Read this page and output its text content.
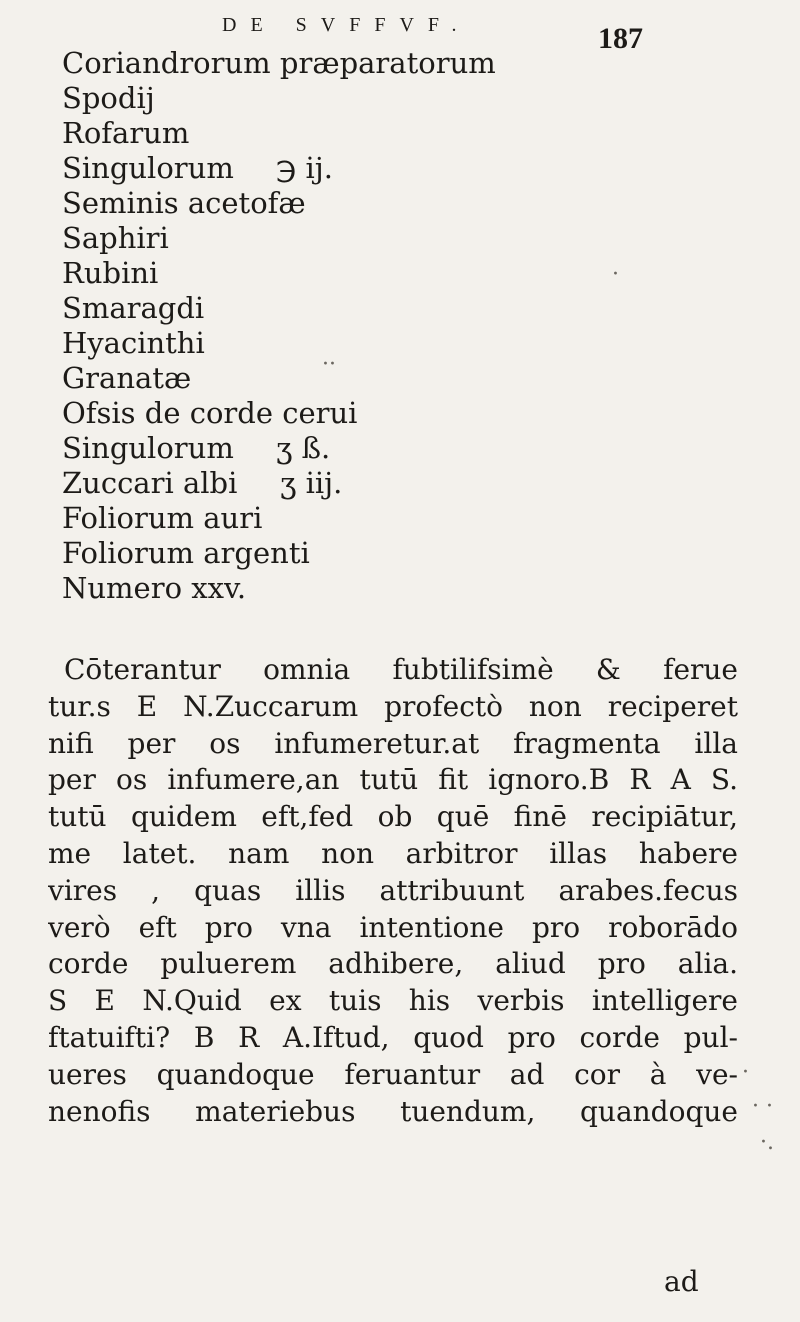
DE SVFFVF.	187
Coriandrorum præparatorum
Spodij
Rofarum
Singulorum ℈ ij.
Seminis acetofæ
Saphiri
Rubini
Smaragdi
Hyacinthi
Granatæ
Ofsis de corde cerui
Singulorum ʒ ß.
Zuccari albi ʒ iij.
Foliorum auri
Foliorum argenti
Numero xxv.
Cōterantur omnia fubtilifsimè & ferue
tur.s E N.Zuccarum profectò non reciperet
nifi per os infumeretur.at fragmenta illa
per os infumere,an tutū fit ignoro.B R A S.
tutū quidem eft,fed ob quē finē recipiātur,
me latet. nam non arbitror illas habere
vires , quas illis attribuunt arabes.fecus
verò eft pro vna intentione pro roborādo
corde puluerem adhibere, aliud pro alia.
S E N.Quid ex tuis his verbis intelligere
ftatuifti? B R A.Iftud, quod pro corde pul-
ueres quandoque feruantur ad cor à ve-
nenofis materiebus tuendum, quandoque
ad
·
··
·
· ·
·.
